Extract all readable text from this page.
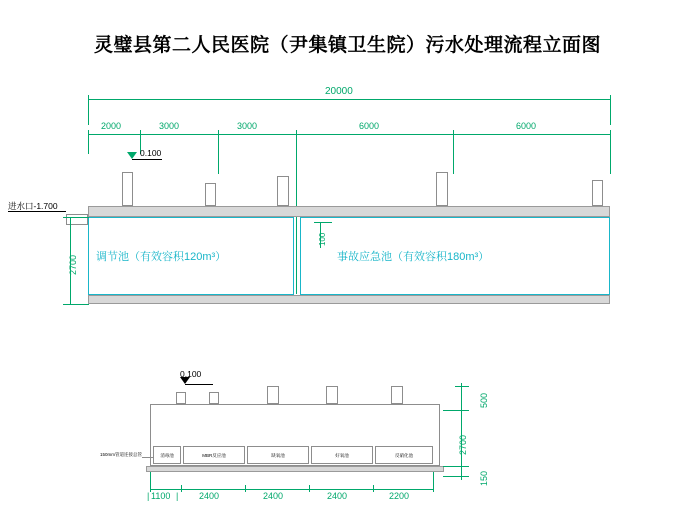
灵璧县第二人民医院（尹集镇卫生院）污水处理流程立面图
20000
2000	3000	3000	6000	6000
0.100
进水口-1.700
调节池（有效容积120m³）	事故应急池（有效容积180m³）
2700
100
0.100
消毒池	MBR反应池	缺氧池	好氧池	反硝化池
150mm管道连接总管
1100	2400	2400	2400	2200
|	|
500
2700
150
